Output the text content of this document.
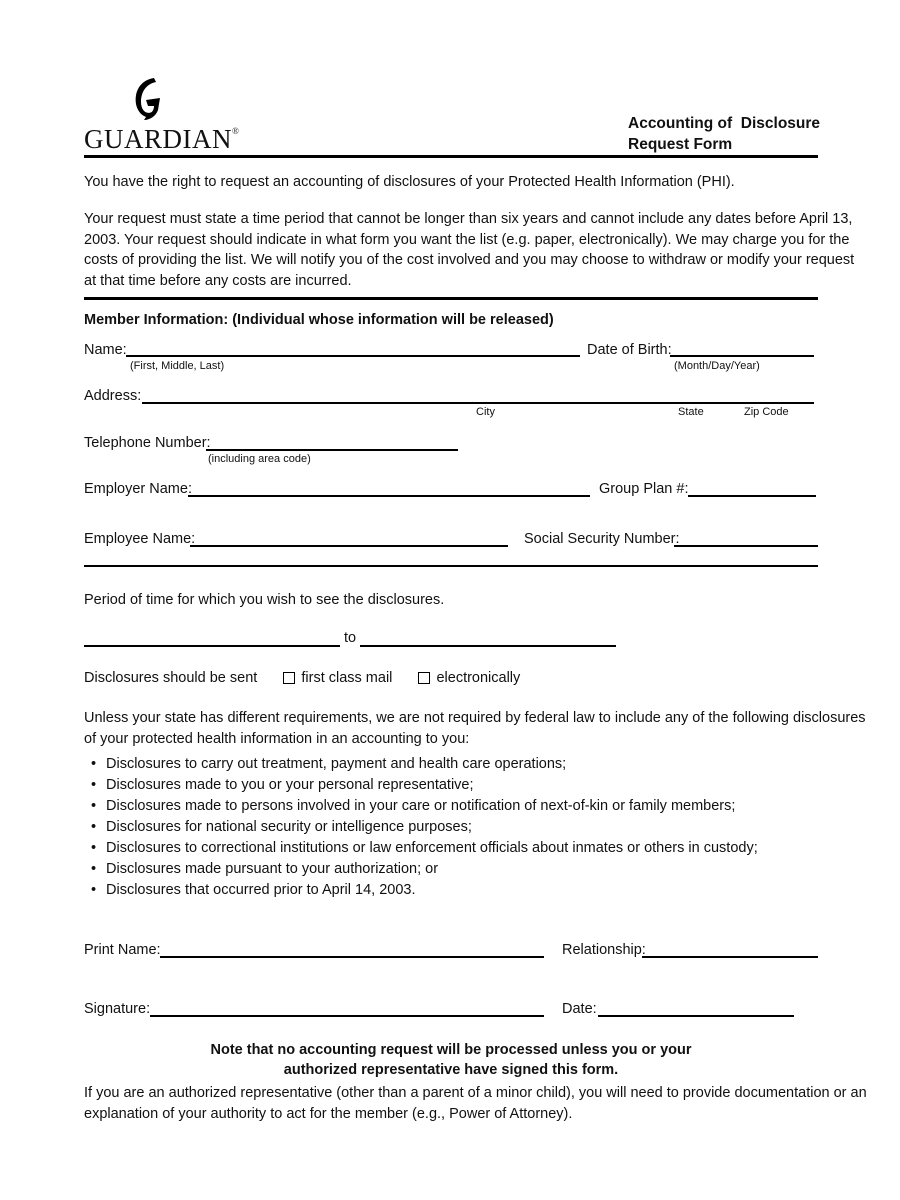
GUARDIAN®	Accounting of  Disclosure
Request Form
You have the right to request an accounting of disclosures of your Protected Health Information (PHI).
Your request must state a time period that cannot be longer than six years and cannot include any dates before April 13,
2003. Your request should indicate in what form you want the list (e.g. paper, electronically). We may charge you for the
costs of providing the list. We will notify you of the cost involved and you may choose to withdraw or modify your request
at that time before any costs are incurred.
Member Information: (Individual whose information will be released)
Name:
(First, Middle, Last)
Date of Birth:
(Month/Day/Year)
Address:
City	State	Zip Code
Telephone Number:
(including area code)
Employer Name:	Group Plan #:
Employee Name:	Social Security Number:
Period of time for which you wish to see the disclosures.
to
Disclosures should be sent	first class mail	electronically
Unless your state has different requirements, we are not required by federal law to include any of the following disclosures
of your protected health information in an accounting to you:
• Disclosures to carry out treatment, payment and health care operations;
• Disclosures made to you or your personal representative;
• Disclosures made to persons involved in your care or notification of next-of-kin or family members;
• Disclosures for national security or intelligence purposes;
• Disclosures to correctional institutions or law enforcement officials about inmates or others in custody;
• Disclosures made pursuant to your authorization; or
• Disclosures that occurred prior to April 14, 2003.
Print Name:	Relationship:
Signature:	Date:
Note that no accounting request will be processed unless you or your
authorized representative have signed this form.
If you are an authorized representative (other than a parent of a minor child), you will need to provide documentation or an
explanation of your authority to act for the member (e.g., Power of Attorney).
